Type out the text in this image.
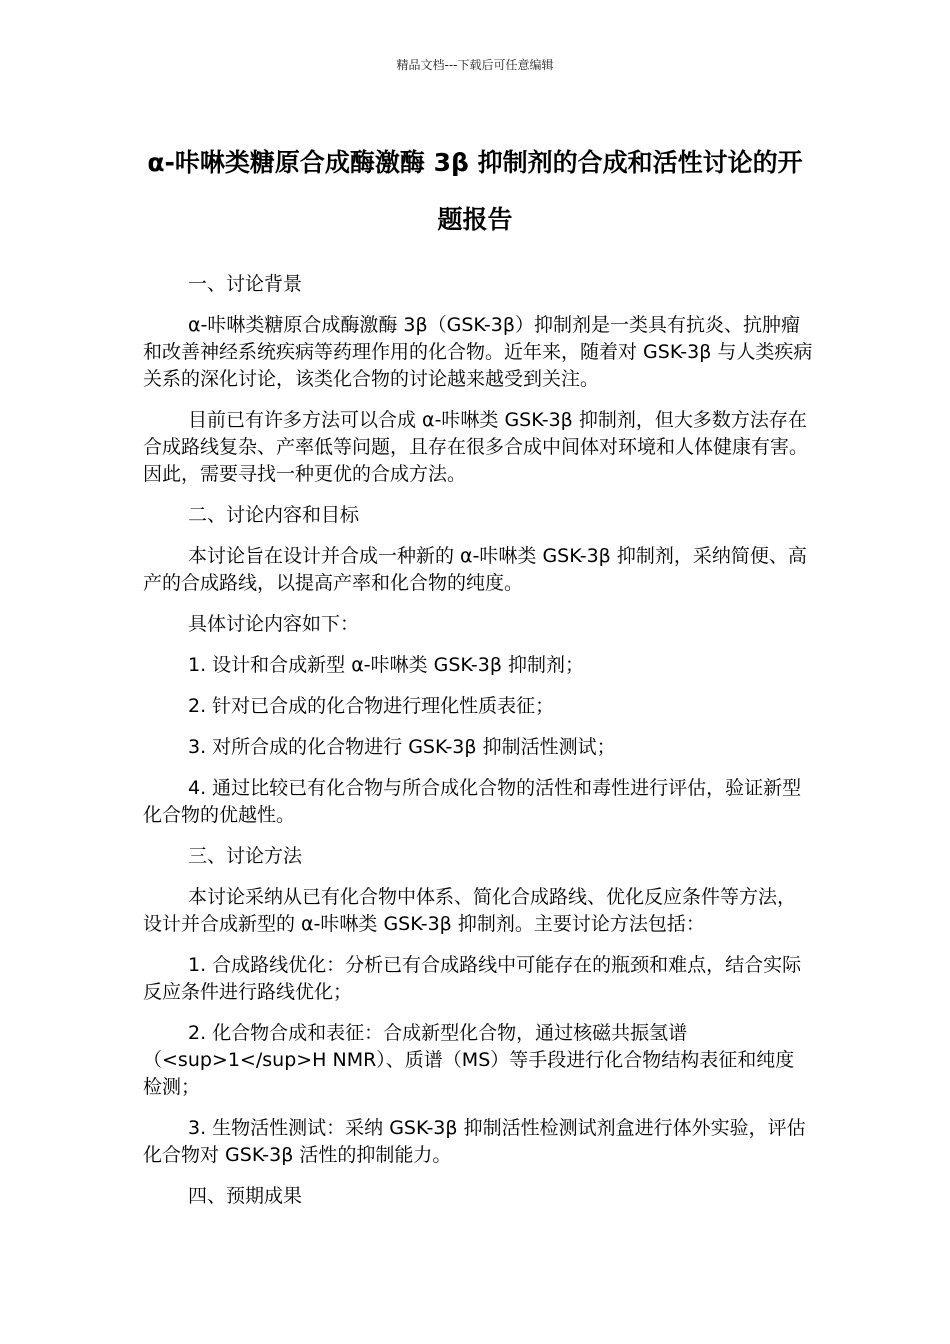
精品文档---下载后可任意编辑
α-咔啉类糖原合成酶激酶 3β 抑制剂的合成和活性讨论的开题报告

一、讨论背景

α-咔啉类糖原合成酶激酶 3β（GSK-3β）抑制剂是一类具有抗炎、抗肿瘤和改善神经系统疾病等药理作用的化合物。近年来，随着对 GSK-3β 与人类疾病关系的深化讨论，该类化合物的讨论越来越受到关注。

目前已有许多方法可以合成 α-咔啉类 GSK-3β 抑制剂，但大多数方法存在合成路线复杂、产率低等问题，且存在很多合成中间体对环境和人体健康有害。因此，需要寻找一种更优的合成方法。

二、讨论内容和目标

本讨论旨在设计并合成一种新的 α-咔啉类 GSK-3β 抑制剂，采纳简便、高产的合成路线，以提高产率和化合物的纯度。

具体讨论内容如下：

1. 设计和合成新型 α-咔啉类 GSK-3β 抑制剂；

2. 针对已合成的化合物进行理化性质表征；

3. 对所合成的化合物进行 GSK-3β 抑制活性测试；

4. 通过比较已有化合物与所合成化合物的活性和毒性进行评估，验证新型化合物的优越性。

三、讨论方法

本讨论采纳从已有化合物中体系、简化合成路线、优化反应条件等方法，设计并合成新型的 α-咔啉类 GSK-3β 抑制剂。主要讨论方法包括：

1. 合成路线优化：分析已有合成路线中可能存在的瓶颈和难点，结合实际反应条件进行路线优化；

2. 化合物合成和表征：合成新型化合物，通过核磁共振氢谱（<sup>1</sup>H NMR）、质谱（MS）等手段进行化合物结构表征和纯度检测；

3. 生物活性测试：采纳 GSK-3β 抑制活性检测试剂盒进行体外实验，评估化合物对 GSK-3β 活性的抑制能力。

四、预期成果
